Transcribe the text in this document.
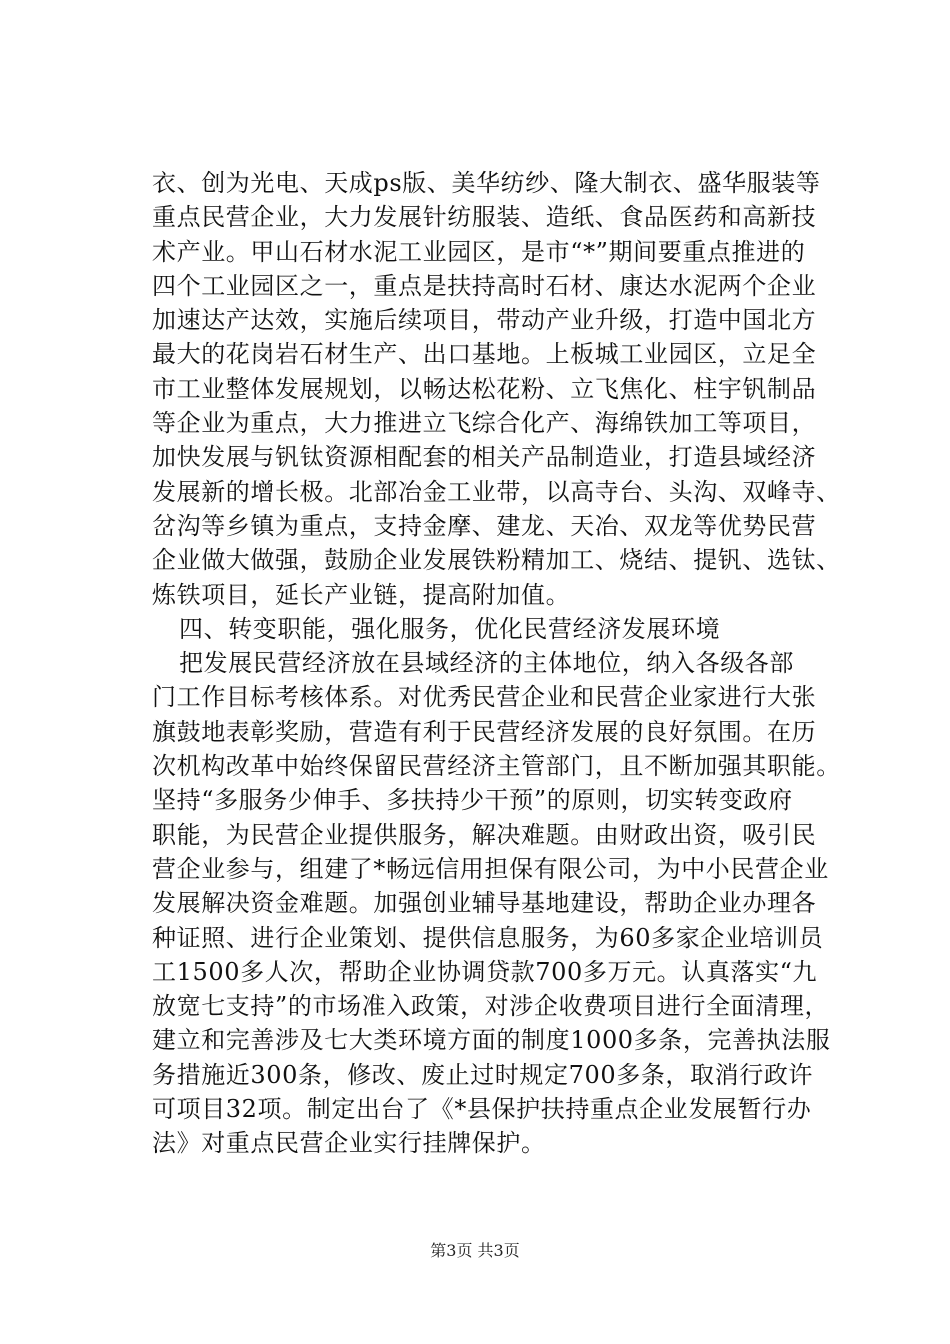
衣、创为光电、天成ps版、美华纺纱、隆大制衣、盛华服装等
重点民营企业，大力发展针纺服装、造纸、食品医药和高新技
术产业。甲山石材水泥工业园区，是市“*”期间要重点推进的
四个工业园区之一，重点是扶持高时石材、康达水泥两个企业
加速达产达效，实施后续项目，带动产业升级，打造中国北方
最大的花岗岩石材生产、出口基地。上板城工业园区，立足全
市工业整体发展规划，以畅达松花粉、立飞焦化、柱宇钒制品
等企业为重点，大力推进立飞综合化产、海绵铁加工等项目，
加快发展与钒钛资源相配套的相关产品制造业，打造县域经济
发展新的增长极。北部冶金工业带，以高寺台、头沟、双峰寺、
岔沟等乡镇为重点，支持金摩、建龙、天冶、双龙等优势民营
企业做大做强，鼓励企业发展铁粉精加工、烧结、提钒、选钛、
炼铁项目，延长产业链，提高附加值。
四、转变职能，强化服务，优化民营经济发展环境
把发展民营经济放在县域经济的主体地位，纳入各级各部
门工作目标考核体系。对优秀民营企业和民营企业家进行大张
旗鼓地表彰奖励，营造有利于民营经济发展的良好氛围。在历
次机构改革中始终保留民营经济主管部门，且不断加强其职能。
坚持“多服务少伸手、多扶持少干预”的原则，切实转变政府
职能，为民营企业提供服务，解决难题。由财政出资，吸引民
营企业参与，组建了*畅远信用担保有限公司，为中小民营企业
发展解决资金难题。加强创业辅导基地建设，帮助企业办理各
种证照、进行企业策划、提供信息服务，为60多家企业培训员
工1500多人次，帮助企业协调贷款700多万元。认真落实“九
放宽七支持”的市场准入政策，对涉企收费项目进行全面清理，
建立和完善涉及七大类环境方面的制度1000多条，完善执法服
务措施近300条，修改、废止过时规定700多条，取消行政许
可项目32项。制定出台了《*县保护扶持重点企业发展暂行办
法》对重点民营企业实行挂牌保护。
第3页 共3页
